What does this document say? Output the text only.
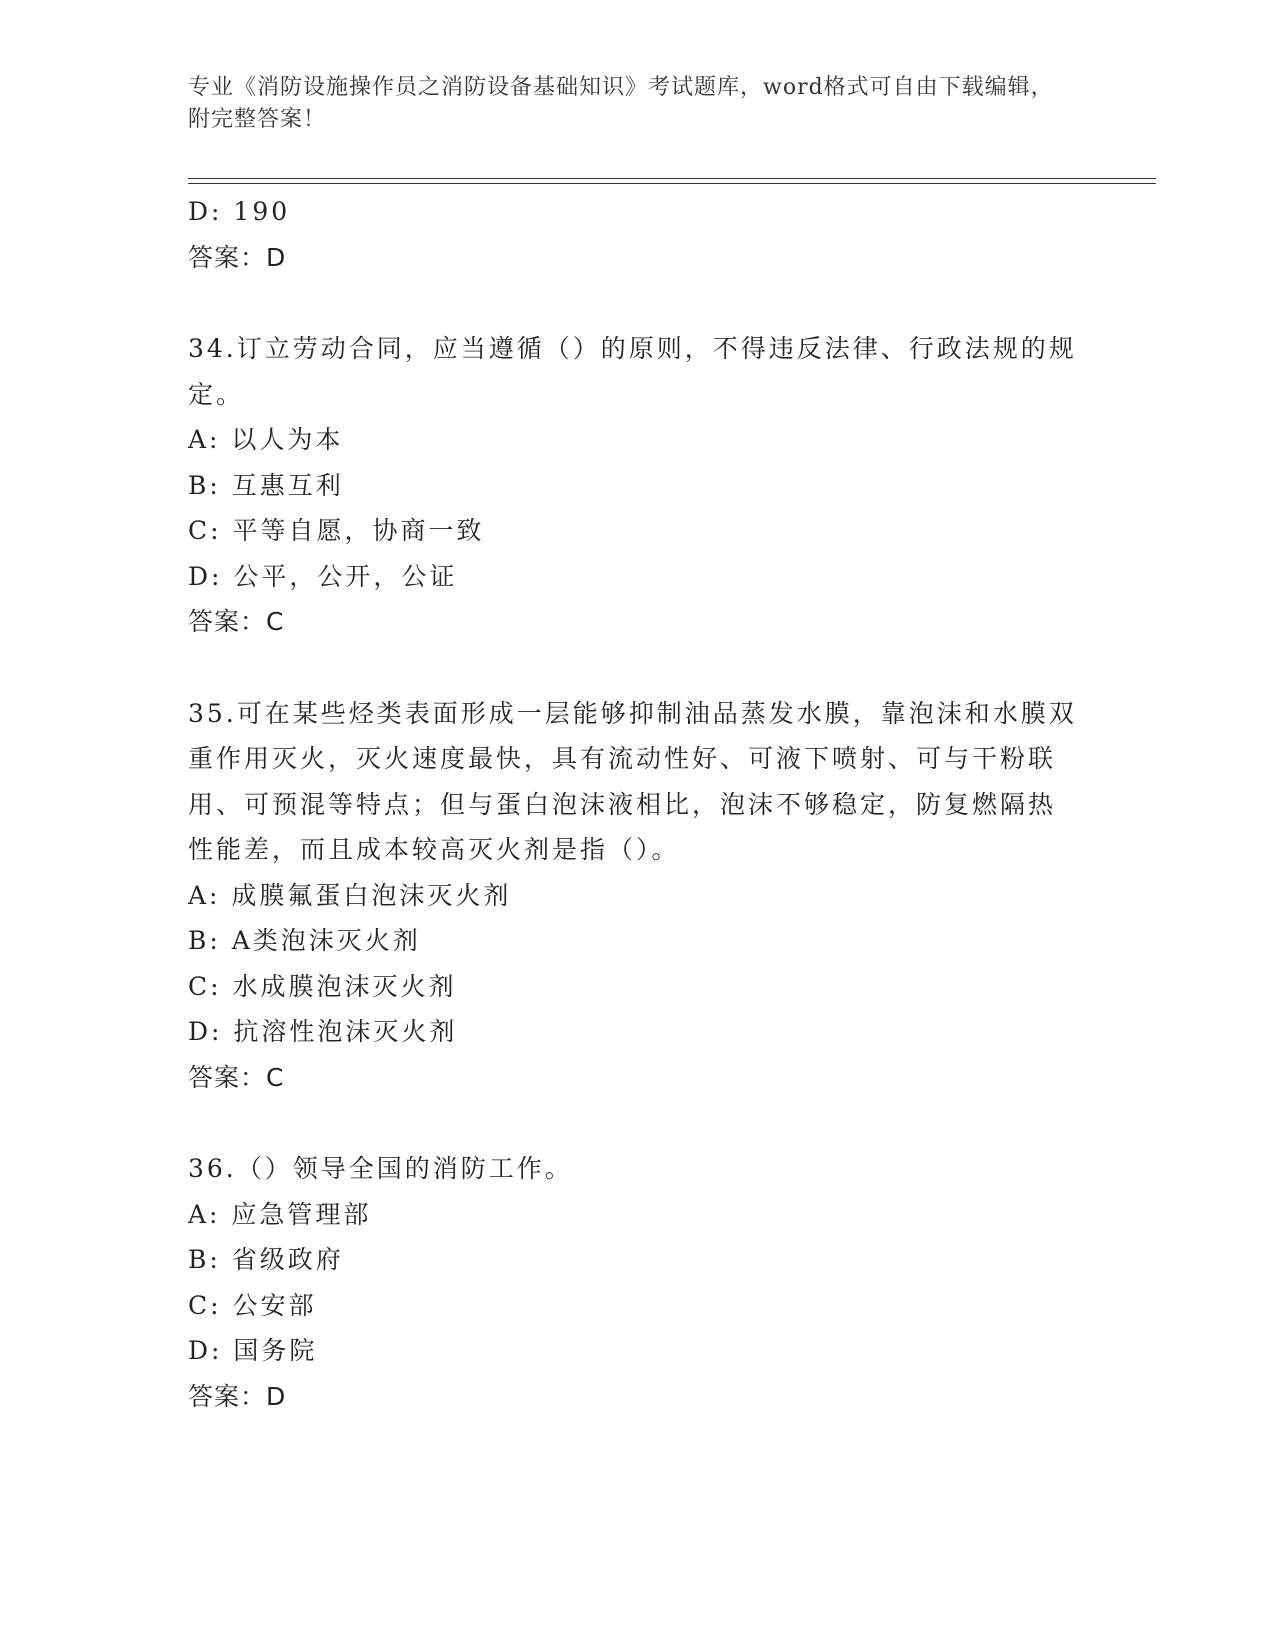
专业《消防设施操作员之消防设备基础知识》考试题库，word格式可自由下载编辑，附完整答案！
D: 190
答案：D
34.订立劳动合同，应当遵循（）的原则，不得违反法律、行政法规的规定。
A: 以人为本
B: 互惠互利
C: 平等自愿，协商一致
D: 公平，公开，公证
答案：C
35.可在某些烃类表面形成一层能够抑制油品蒸发水膜，靠泡沫和水膜双重作用灭火，灭火速度最快，具有流动性好、可液下喷射、可与干粉联用、可预混等特点；但与蛋白泡沫液相比，泡沫不够稳定，防复燃隔热性能差，而且成本较高灭火剂是指（）。
A: 成膜氟蛋白泡沫灭火剂
B: A类泡沫灭火剂
C: 水成膜泡沫灭火剂
D: 抗溶性泡沫灭火剂
答案：C
36.（）领导全国的消防工作。
A: 应急管理部
B: 省级政府
C: 公安部
D: 国务院
答案：D
